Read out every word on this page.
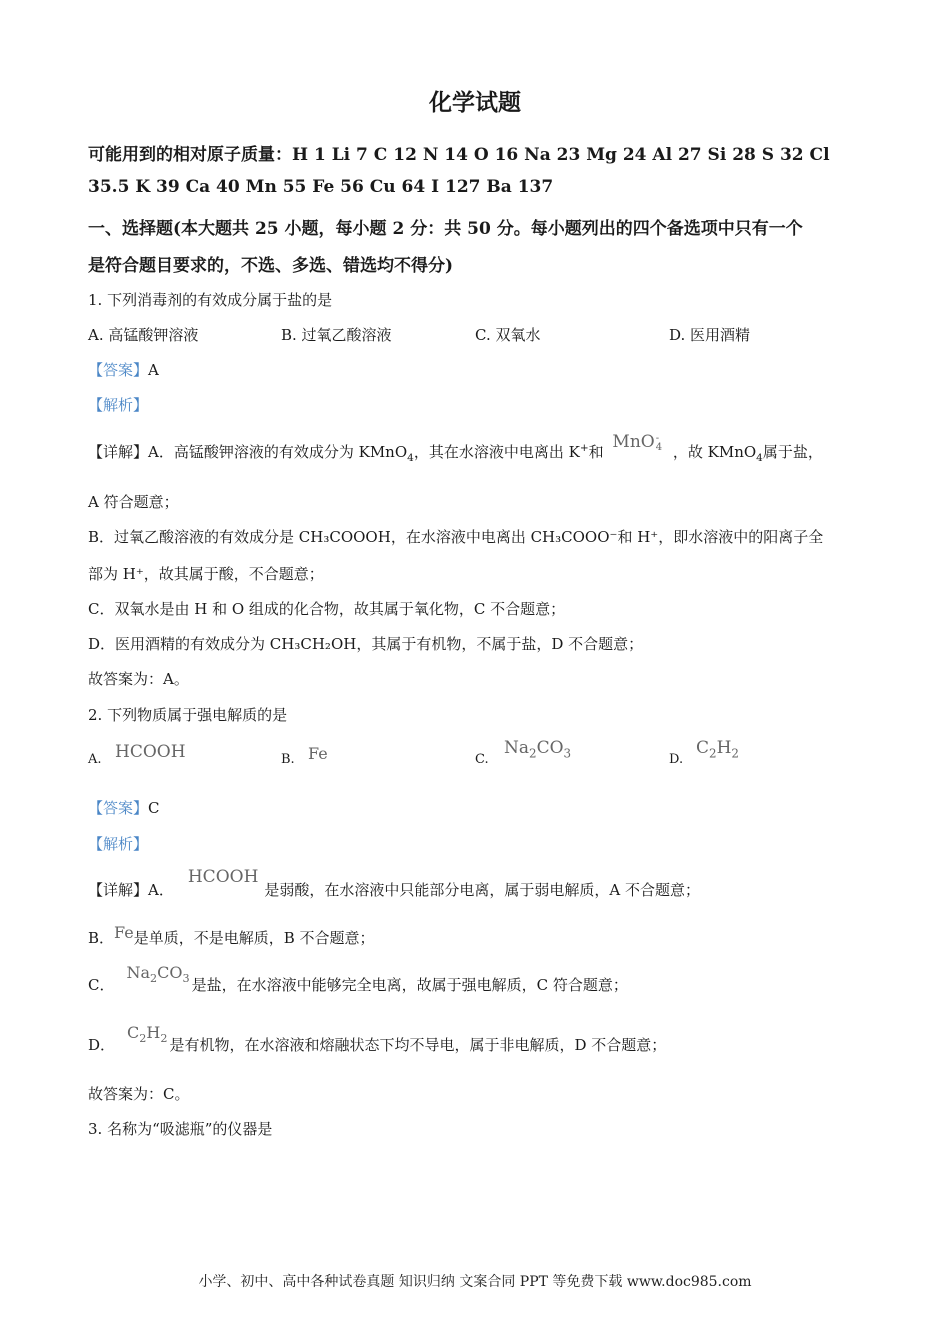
化学试题
可能用到的相对原子质量：H 1 Li 7 C 12 N 14 O 16 Na 23 Mg 24 Al 27 Si 28 S 32 Cl
35.5 K 39 Ca 40 Mn 55 Fe 56 Cu 64 I 127 Ba 137
一、选择题(本大题共 25 小题，每小题 2 分：共 50 分。每小题列出的四个备选项中只有一个
是符合题目要求的，不选、多选、错选均不得分)
1. 下列消毒剂的有效成分属于盐的是
A. 高锰酸钾溶液	B. 过氧乙酸溶液	C. 双氧水	D. 医用酒精
【答案】A
【解析】
【详解】A．高锰酸钾溶液的有效成分为 KMnO$_4$，其在水溶液中电离出 K+和 MnO -
4 ，故 KMnO$_4$属于盐，
A 符合题意；
B．过氧乙酸溶液的有效成分是 CH₃COOOH，在水溶液中电离出 CH₃COOO⁻和 H⁺，即水溶液中的阳离子全
部为 H⁺，故其属于酸，不合题意；
C．双氧水是由 H 和 O 组成的化合物，故其属于氧化物，C 不合题意；
D．医用酒精的有效成分为 CH₃CH₂OH，其属于有机物，不属于盐，D 不合题意；
故答案为：A。
2. 下列物质属于强电解质的是
A. HCOOH	B. Fe	C.
$Na_2CO_3$	D.
$C_2H_2$
【答案】C
【解析】
【详解】A．HCOOH是弱酸，在水溶液中只能部分电离，属于弱电解质，A 不合题意；
B．Fe是单质，不是电解质，B 不合题意；
C．$Na_2CO_3$ 是盐，在水溶液中能够完全电离，故属于强电解质，C 符合题意；
D．$C_2H_2$ 是有机物，在水溶液和熔融状态下均不导电，属于非电解质，D 不合题意；
故答案为：C。
3. 名称为“吸滤瓶”的仪器是
小学、初中、高中各种试卷真题 知识归纳 文案合同 PPT 等免费下载 www.doc985.com
